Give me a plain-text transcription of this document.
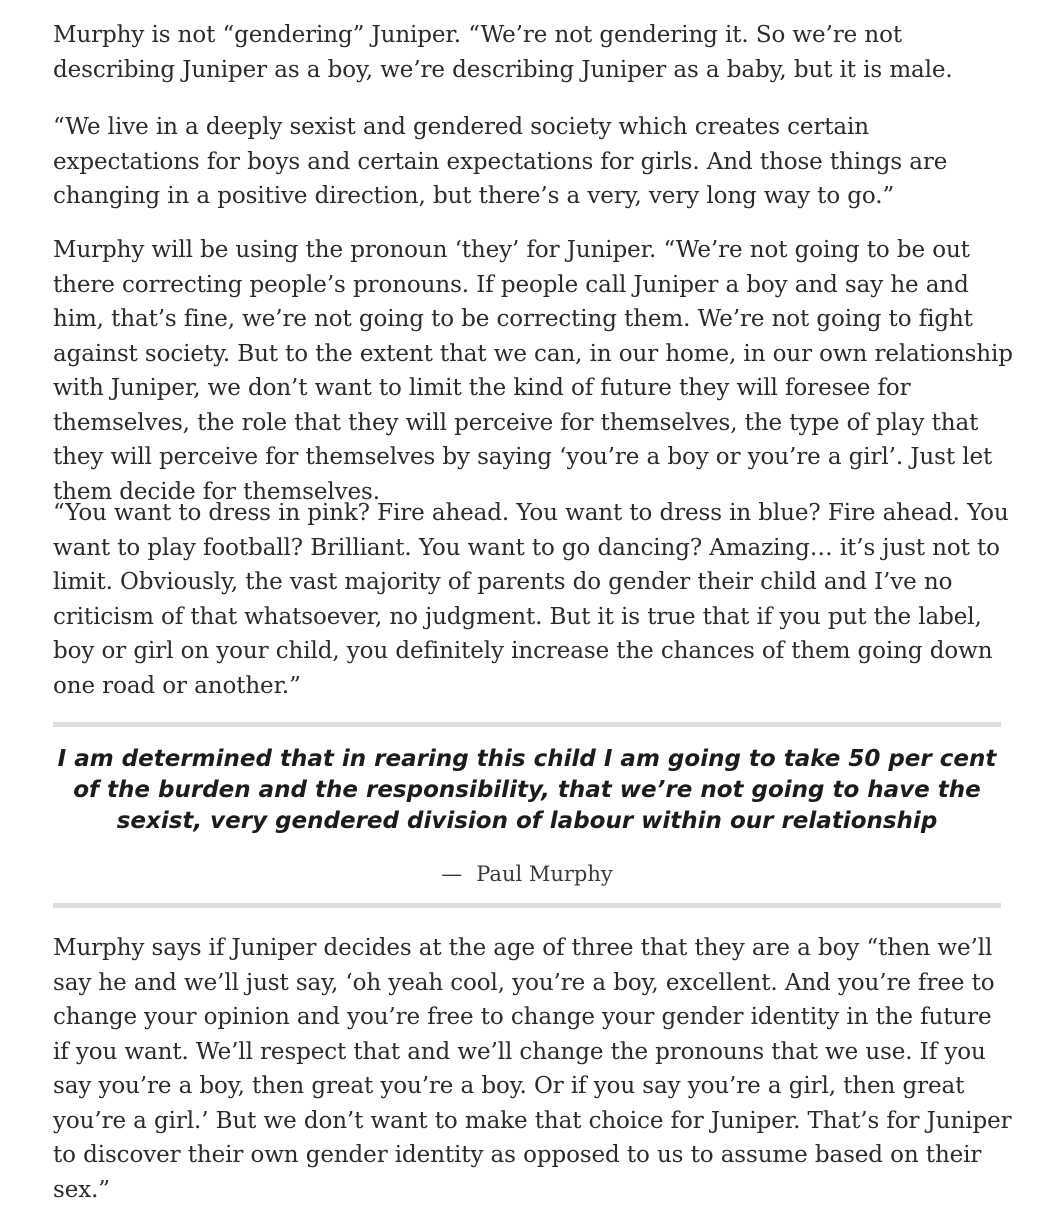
Murphy is not “gendering” Juniper. “We’re not gendering it. So we’re not describing Juniper as a boy, we’re describing Juniper as a baby, but it is male.

“We live in a deeply sexist and gendered society which creates certain expectations for boys and certain expectations for girls. And those things are changing in a positive direction, but there’s a very, very long way to go.”

Murphy will be using the pronoun ‘they’ for Juniper. “We’re not going to be out there correcting people’s pronouns. If people call Juniper a boy and say he and him, that’s fine, we’re not going to be correcting them. We’re not going to fight against society. But to the extent that we can, in our home, in our own relationship with Juniper, we don’t want to limit the kind of future they will foresee for themselves, the role that they will perceive for themselves, the type of play that they will perceive for themselves by saying ‘you’re a boy or you’re a girl’. Just let them decide for themselves.

“You want to dress in pink? Fire ahead. You want to dress in blue? Fire ahead. You want to play football? Brilliant. You want to go dancing? Amazing… it’s just not to limit. Obviously, the vast majority of parents do gender their child and I’ve no criticism of that whatsoever, no judgment. But it is true that if you put the label, boy or girl on your child, you definitely increase the chances of them going down one road or another.”

I am determined that in rearing this child I am going to take 50 per cent of the burden and the responsibility, that we’re not going to have the sexist, very gendered division of labour within our relationship

— Paul Murphy

Murphy says if Juniper decides at the age of three that they are a boy “then we’ll say he and we’ll just say, ‘oh yeah cool, you’re a boy, excellent. And you’re free to change your opinion and you’re free to change your gender identity in the future if you want. We’ll respect that and we’ll change the pronouns that we use. If you say you’re a boy, then great you’re a boy. Or if you say you’re a girl, then great you’re a girl.’ But we don’t want to make that choice for Juniper. That’s for Juniper to discover their own gender identity as opposed to us to assume based on their sex.”
